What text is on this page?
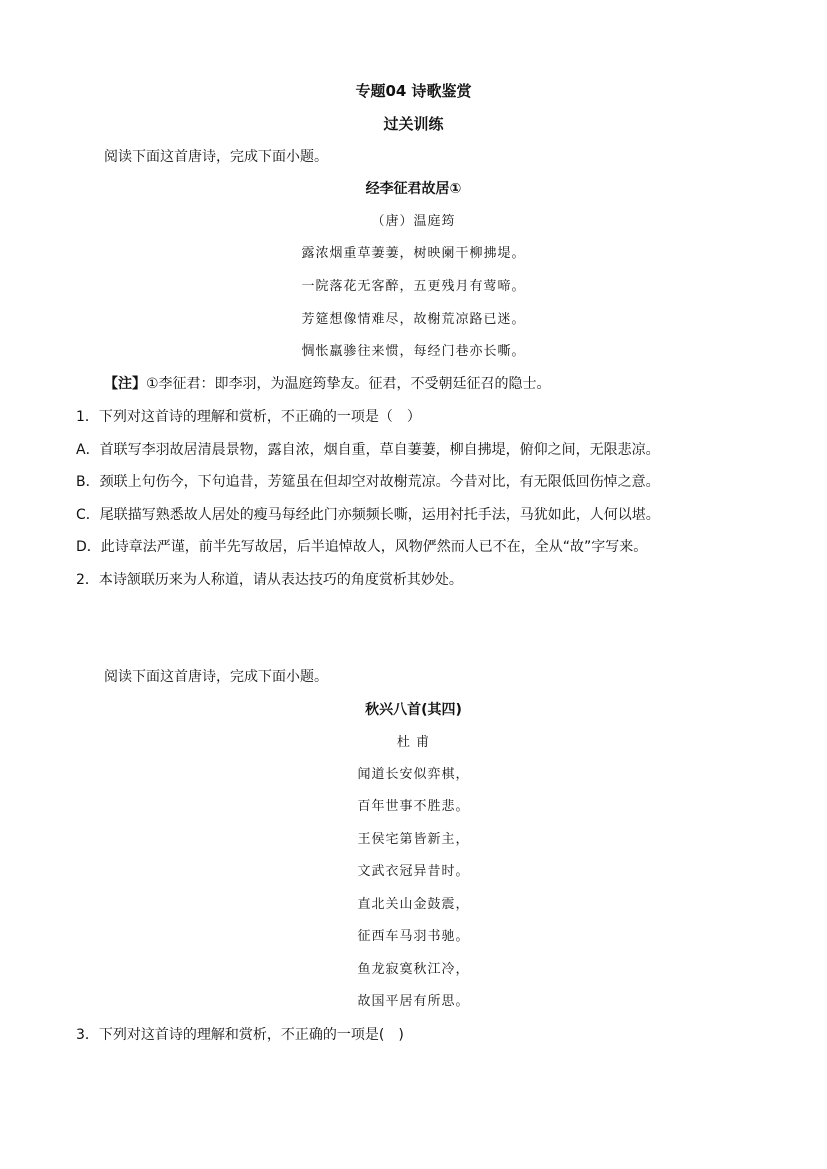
专题04 诗歌鉴赏
过关训练
阅读下面这首唐诗，完成下面小题。
经李征君故居①
（唐）温庭筠
露浓烟重草萋萋，树映阑干柳拂堤。
一院落花无客醉，五更残月有莺啼。
芳筵想像情难尽，故榭荒凉路已迷。
惆怅羸骖往来惯，每经门巷亦长嘶。
【注】①李征君：即李羽，为温庭筠挚友。征君，不受朝廷征召的隐士。
1．下列对这首诗的理解和赏析，不正确的一项是（　）
A．首联写李羽故居清晨景物，露自浓，烟自重，草自萋萋，柳自拂堤，俯仰之间，无限悲凉。
B．颈联上句伤今，下句追昔，芳筵虽在但却空对故榭荒凉。今昔对比，有无限低回伤悼之意。
C．尾联描写熟悉故人居处的瘦马每经此门亦频频长嘶，运用衬托手法，马犹如此，人何以堪。
D．此诗章法严谨，前半先写故居，后半追悼故人，风物俨然而人已不在，全从“故”字写来。
2．本诗颔联历来为人称道，请从表达技巧的角度赏析其妙处。
阅读下面这首唐诗，完成下面小题。
秋兴八首(其四)
杜 甫
闻道长安似弈棋，
百年世事不胜悲。
王侯宅第皆新主，
文武衣冠异昔时。
直北关山金鼓震，
征西车马羽书驰。
鱼龙寂寞秋江冷，
故国平居有所思。
3．下列对这首诗的理解和赏析，不正确的一项是(　)
